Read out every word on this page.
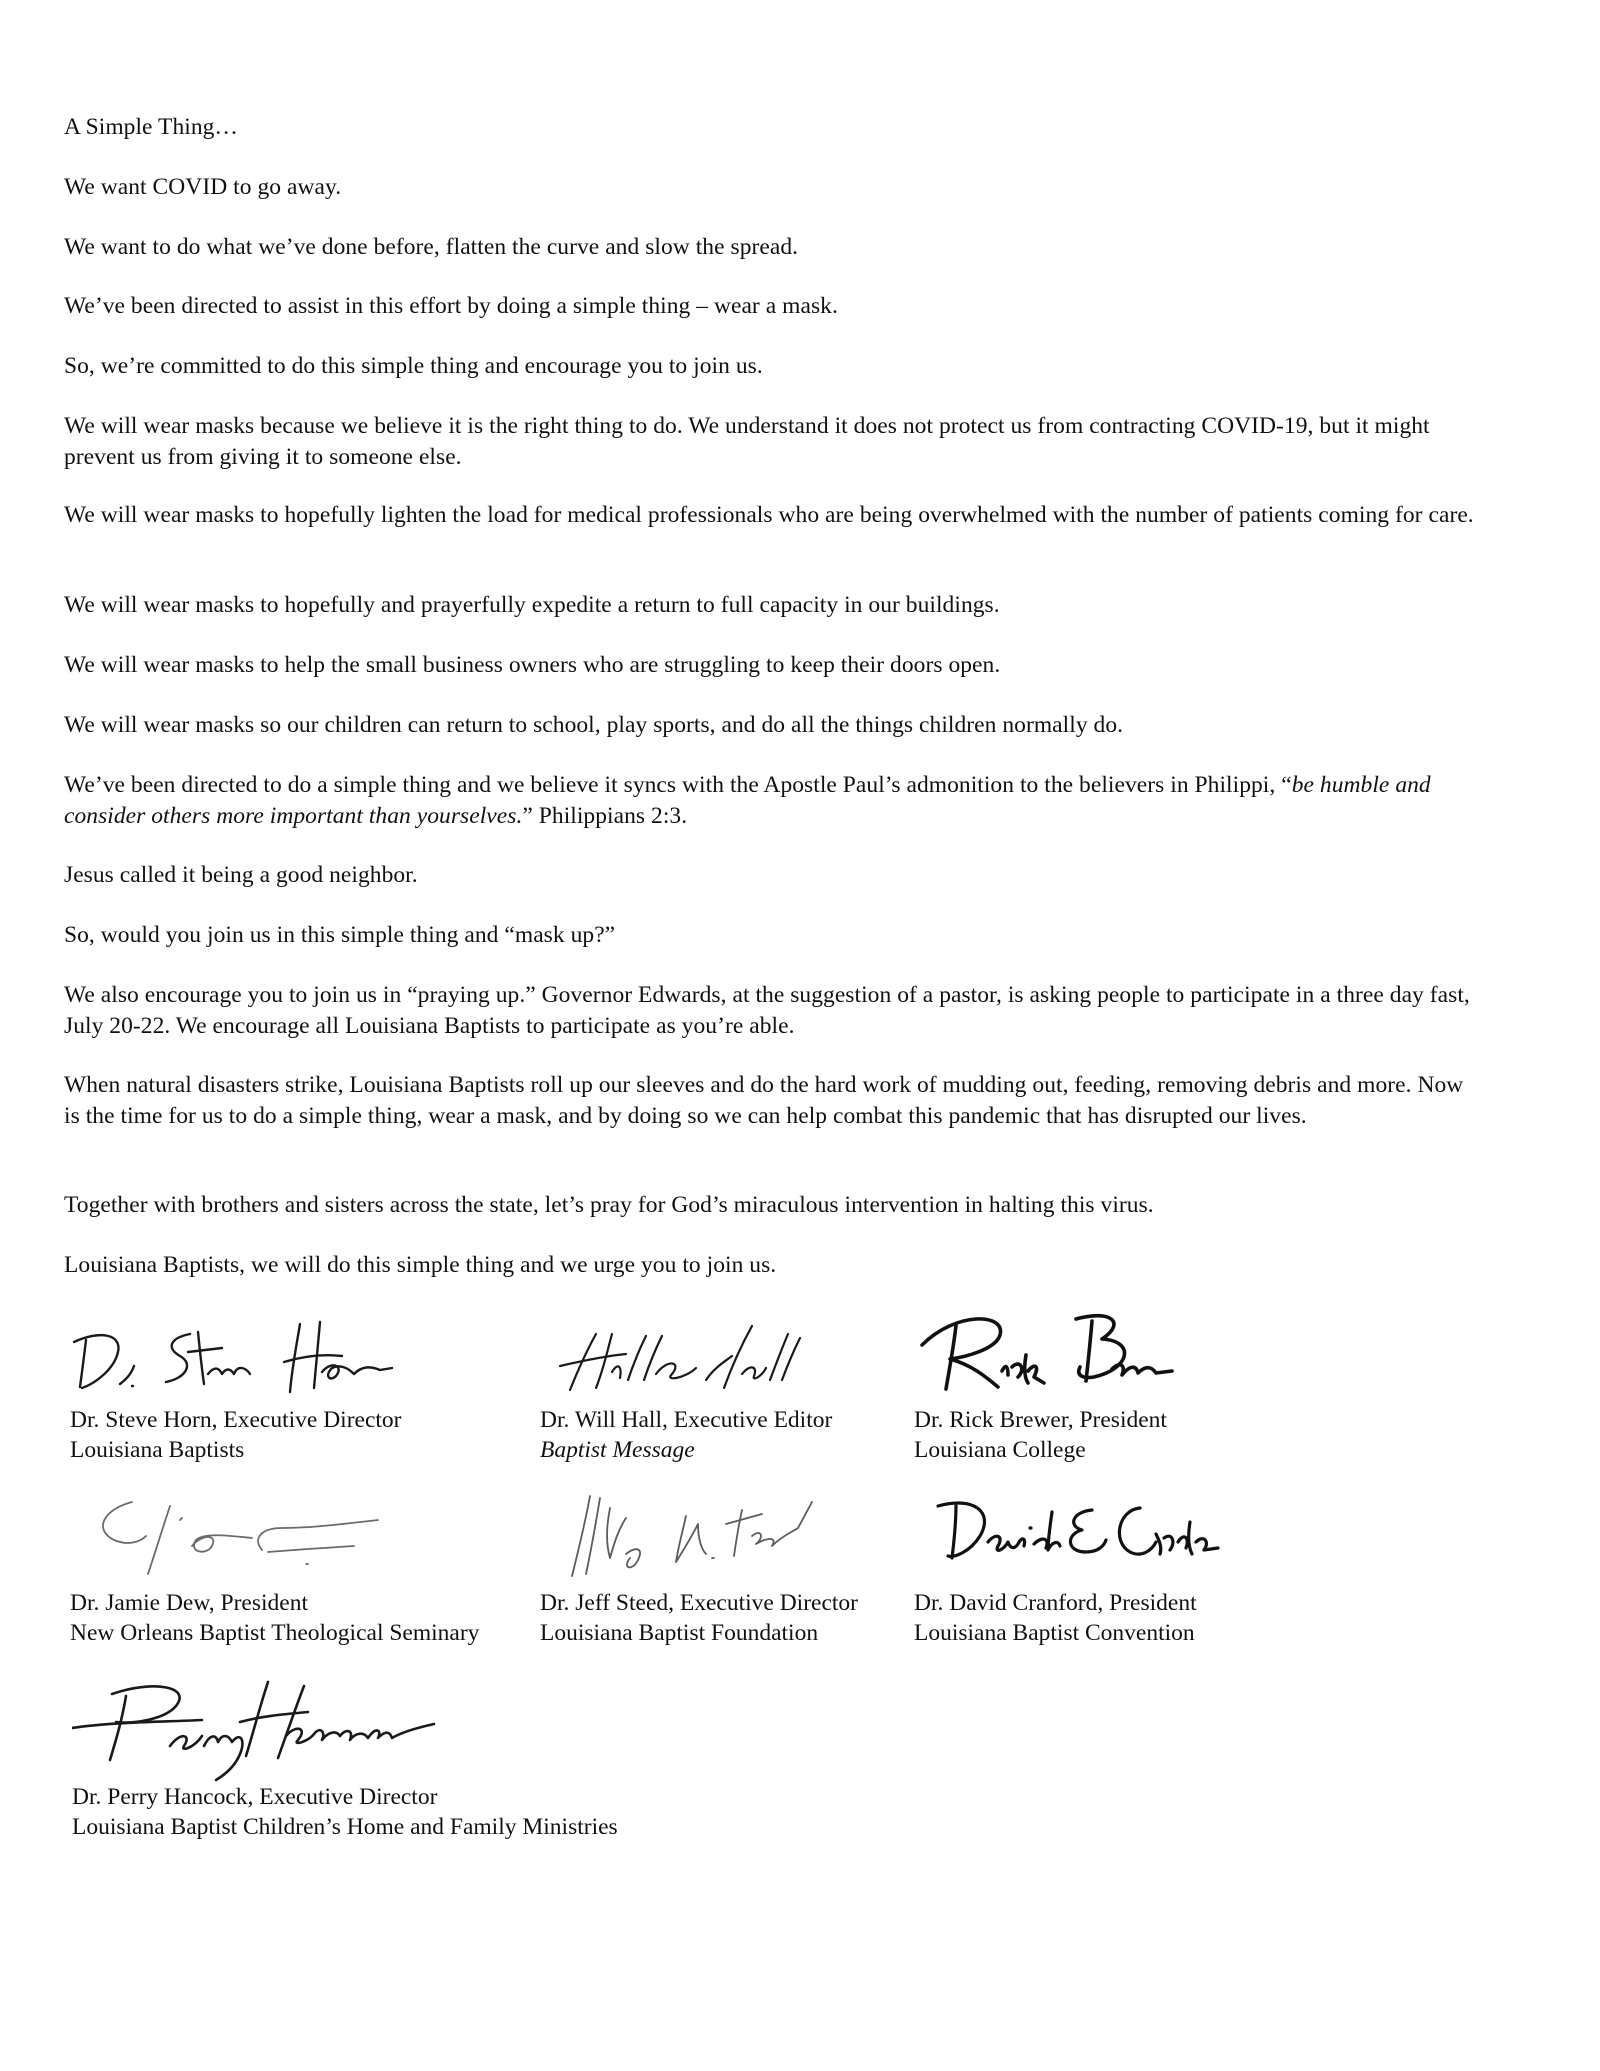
A Simple Thing…

We want COVID to go away.

We want to do what we’ve done before, flatten the curve and slow the spread.

We’ve been directed to assist in this effort by doing a simple thing – wear a mask.

So, we’re committed to do this simple thing and encourage you to join us.

We will wear masks because we believe it is the right thing to do. We understand it does not protect us from contracting COVID-19, but it might prevent us from giving it to someone else.

We will wear masks to hopefully lighten the load for medical professionals who are being overwhelmed with the number of patients coming for care.

We will wear masks to hopefully and prayerfully expedite a return to full capacity in our buildings.

We will wear masks to help the small business owners who are struggling to keep their doors open.

We will wear masks so our children can return to school, play sports, and do all the things children normally do.

We’ve been directed to do a simple thing and we believe it syncs with the Apostle Paul’s admonition to the believers in Philippi, “be humble and consider others more important than yourselves.” Philippians 2:3.

Jesus called it being a good neighbor.

So, would you join us in this simple thing and “mask up?”

We also encourage you to join us in “praying up.” Governor Edwards, at the suggestion of a pastor, is asking people to participate in a three day fast, July 20-22. We encourage all Louisiana Baptists to participate as you’re able.

When natural disasters strike, Louisiana Baptists roll up our sleeves and do the hard work of mudding out, feeding, removing debris and more. Now is the time for us to do a simple thing, wear a mask, and by doing so we can help combat this pandemic that has disrupted our lives.

Together with brothers and sisters across the state, let’s pray for God’s miraculous intervention in halting this virus.

Louisiana Baptists, we will do this simple thing and we urge you to join us.

Dr. Steve Horn, Executive Director
Louisiana Baptists
Dr. Will Hall, Executive Editor
Baptist Message
Dr. Rick Brewer, President
Louisiana College
Dr. Jamie Dew, President
New Orleans Baptist Theological Seminary
Dr. Jeff Steed, Executive Director
Louisiana Baptist Foundation
Dr. David Cranford, President
Louisiana Baptist Convention
Dr. Perry Hancock, Executive Director
Louisiana Baptist Children’s Home and Family Ministries
